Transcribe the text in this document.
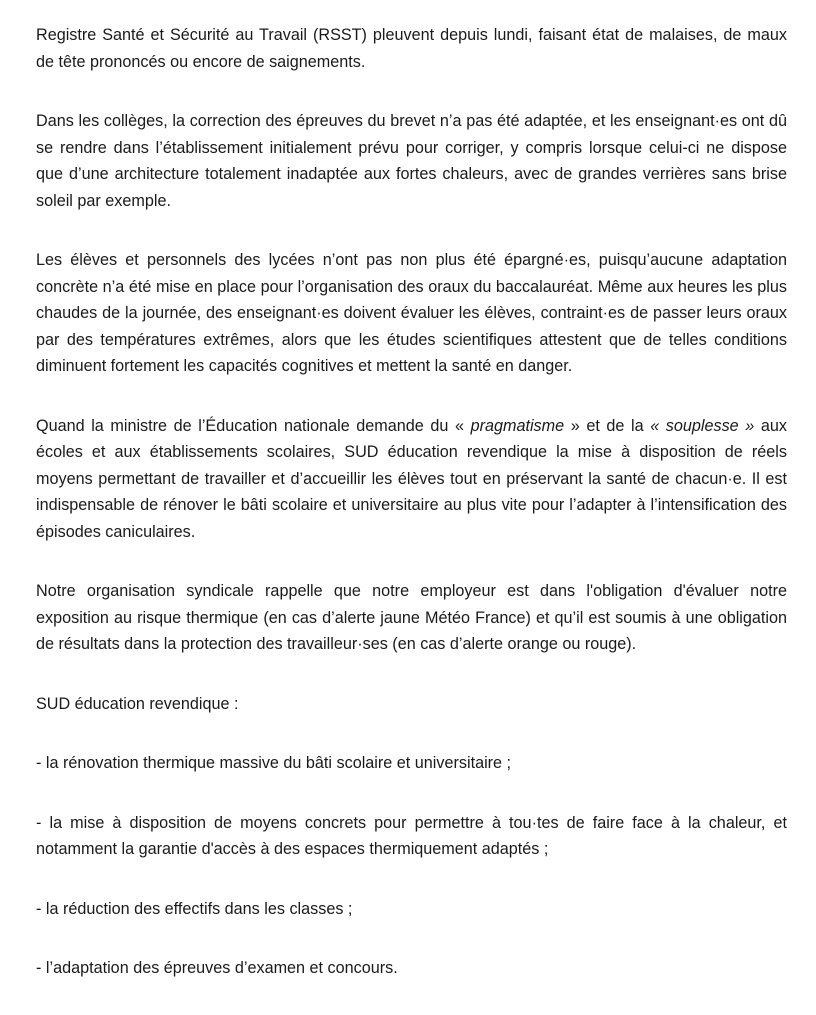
Registre Santé et Sécurité au Travail (RSST) pleuvent depuis lundi, faisant état de malaises, de maux de tête prononcés ou encore de saignements.

Dans les collèges, la correction des épreuves du brevet n’a pas été adaptée, et les enseignant·es ont dû se rendre dans l’établissement initialement prévu pour corriger, y compris lorsque celui-ci ne dispose que d’une architecture totalement inadaptée aux fortes chaleurs, avec de grandes verrières sans brise soleil par exemple.

Les élèves et personnels des lycées n’ont pas non plus été épargné·es, puisqu’aucune adaptation concrète n’a été mise en place pour l’organisation des oraux du baccalauréat. Même aux heures les plus chaudes de la journée, des enseignant·es doivent évaluer les élèves, contraint·es de passer leurs oraux par des températures extrêmes, alors que les études scientifiques attestent que de telles conditions diminuent fortement les capacités cognitives et mettent la santé en danger.

Quand la ministre de l’Éducation nationale demande du « pragmatisme » et de la « souplesse » aux écoles et aux établissements scolaires, SUD éducation revendique la mise à disposition de réels moyens permettant de travailler et d’accueillir les élèves tout en préservant la santé de chacun·e. Il est indispensable de rénover le bâti scolaire et universitaire au plus vite pour l’adapter à l’intensification des épisodes caniculaires.

Notre organisation syndicale rappelle que notre employeur est dans l'obligation d'évaluer notre exposition au risque thermique (en cas d’alerte jaune Météo France) et qu’il est soumis à une obligation de résultats dans la protection des travailleur·ses (en cas d’alerte orange ou rouge).

SUD éducation revendique :

- la rénovation thermique massive du bâti scolaire et universitaire ;

- la mise à disposition de moyens concrets pour permettre à tou·tes de faire face à la chaleur, et notamment la garantie d'accès à des espaces thermiquement adaptés ;

- la réduction des effectifs dans les classes ;

- l’adaptation des épreuves d’examen et concours.
